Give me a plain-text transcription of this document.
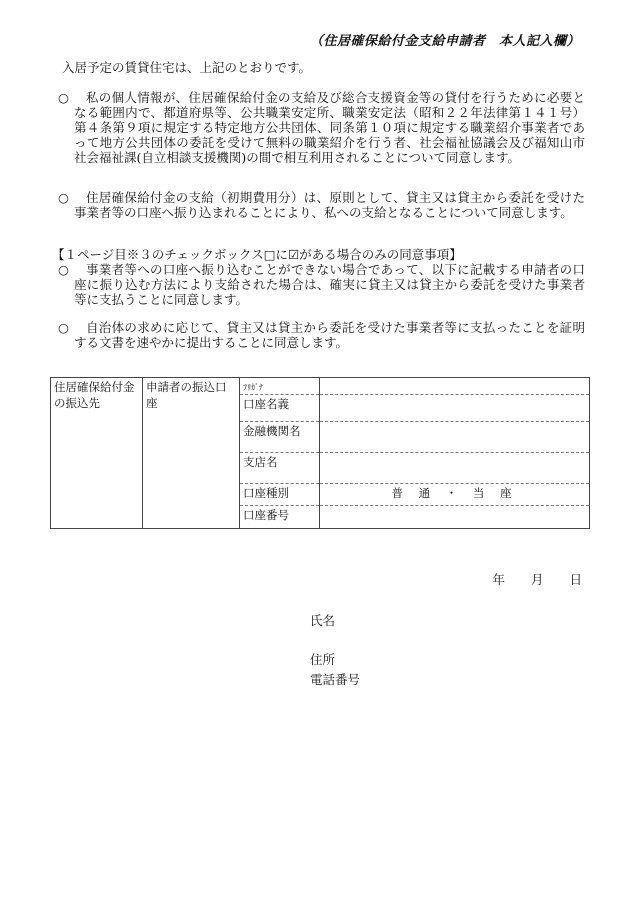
（住居確保給付金支給申請者　本人記入欄）
入居予定の賃貸住宅は、上記のとおりです。
○	私の個人情報が、住居確保給付金の支給及び総合支援資金等の貸付を行うために必要となる範囲内で、都道府県等、公共職業安定所、職業安定法（昭和２２年法律第１４１号）第４条第９項に規定する特定地方公共団体、同条第１０項に規定する職業紹介事業者であって地方公共団体の委託を受けて無料の職業紹介を行う者、社会福祉協議会及び福知山市社会福祉課(自立相談支援機関)の間で相互利用されることについて同意します。
○	住居確保給付金の支給（初期費用分）は、原則として、貸主又は貸主から委託を受けた事業者等の口座へ振り込まれることにより、私への支給となることについて同意します。
【１ページ目※３のチェックボックス□に☑がある場合のみの同意事項】
○	事業者等への口座へ振り込むことができない場合であって、以下に記載する申請者の口座に振り込む方法により支給された場合は、確実に貸主又は貸主から委託を受けた事業者等に支払うことに同意します。
○	自治体の求めに応じて、貸主又は貸主から委託を受けた事業者等に支払ったことを証明する文書を速やかに提出することに同意します。
住居確保給付金の振込先	申請者の振込口座	ﾌﾘｶﾞﾅ	
		口座名義	
		金融機関名	
		支店名	
		口座種別	普 通 ・ 当 座
		口座番号	
年 月 日
氏名
住所
電話番号
